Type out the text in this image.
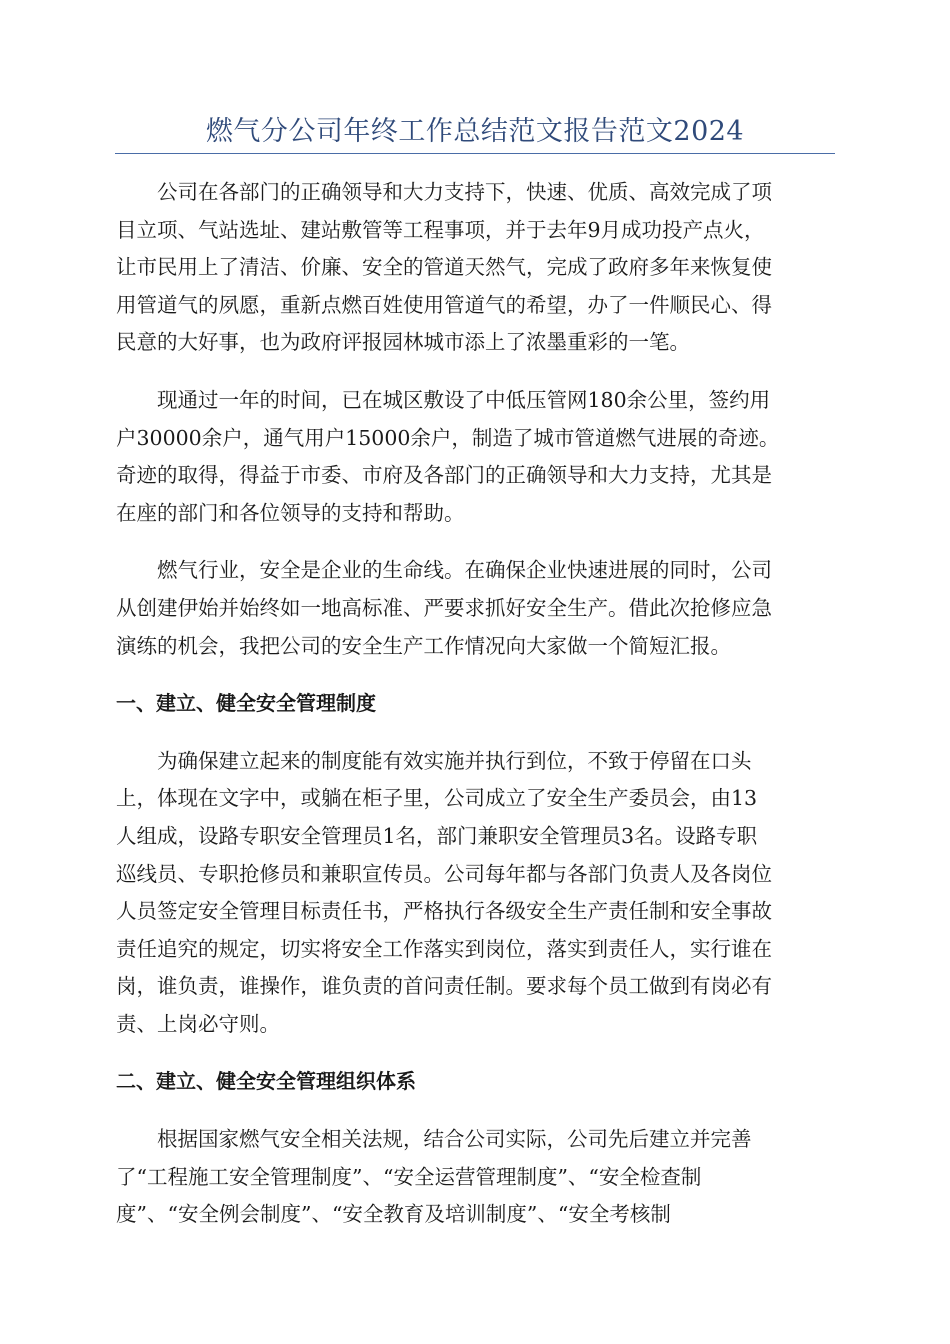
燃气分公司年终工作总结范文报告范文2024

公司在各部门的正确领导和大力支持下，快速、优质、高效完成了项
目立项、气站选址、建站敷管等工程事项，并于去年9月成功投产点火，
让市民用上了清洁、价廉、安全的管道天然气，完成了政府多年来恢复使
用管道气的夙愿，重新点燃百姓使用管道气的希望，办了一件顺民心、得
民意的大好事，也为政府评报园林城市添上了浓墨重彩的一笔。

现通过一年的时间，已在城区敷设了中低压管网180余公里，签约用
户30000余户，通气用户15000余户，制造了城市管道燃气进展的奇迹。
奇迹的取得，得益于市委、市府及各部门的正确领导和大力支持，尤其是
在座的部门和各位领导的支持和帮助。

燃气行业，安全是企业的生命线。在确保企业快速进展的同时，公司
从创建伊始并始终如一地高标准、严要求抓好安全生产。借此次抢修应急
演练的机会，我把公司的安全生产工作情况向大家做一个简短汇报。

一、建立、健全安全管理制度

为确保建立起来的制度能有效实施并执行到位，不致于停留在口头
上，体现在文字中，或躺在柜子里，公司成立了安全生产委员会，由13
人组成，设路专职安全管理员1名，部门兼职安全管理员3名。设路专职
巡线员、专职抢修员和兼职宣传员。公司每年都与各部门负责人及各岗位
人员签定安全管理目标责任书，严格执行各级安全生产责任制和安全事故
责任追究的规定，切实将安全工作落实到岗位，落实到责任人，实行谁在
岗，谁负责，谁操作，谁负责的首问责任制。要求每个员工做到有岗必有
责、上岗必守则。

二、建立、健全安全管理组织体系

根据国家燃气安全相关法规，结合公司实际，公司先后建立并完善
了“工程施工安全管理制度”、“安全运营管理制度”、“安全检查制
度”、“安全例会制度”、“安全教育及培训制度”、“安全考核制
